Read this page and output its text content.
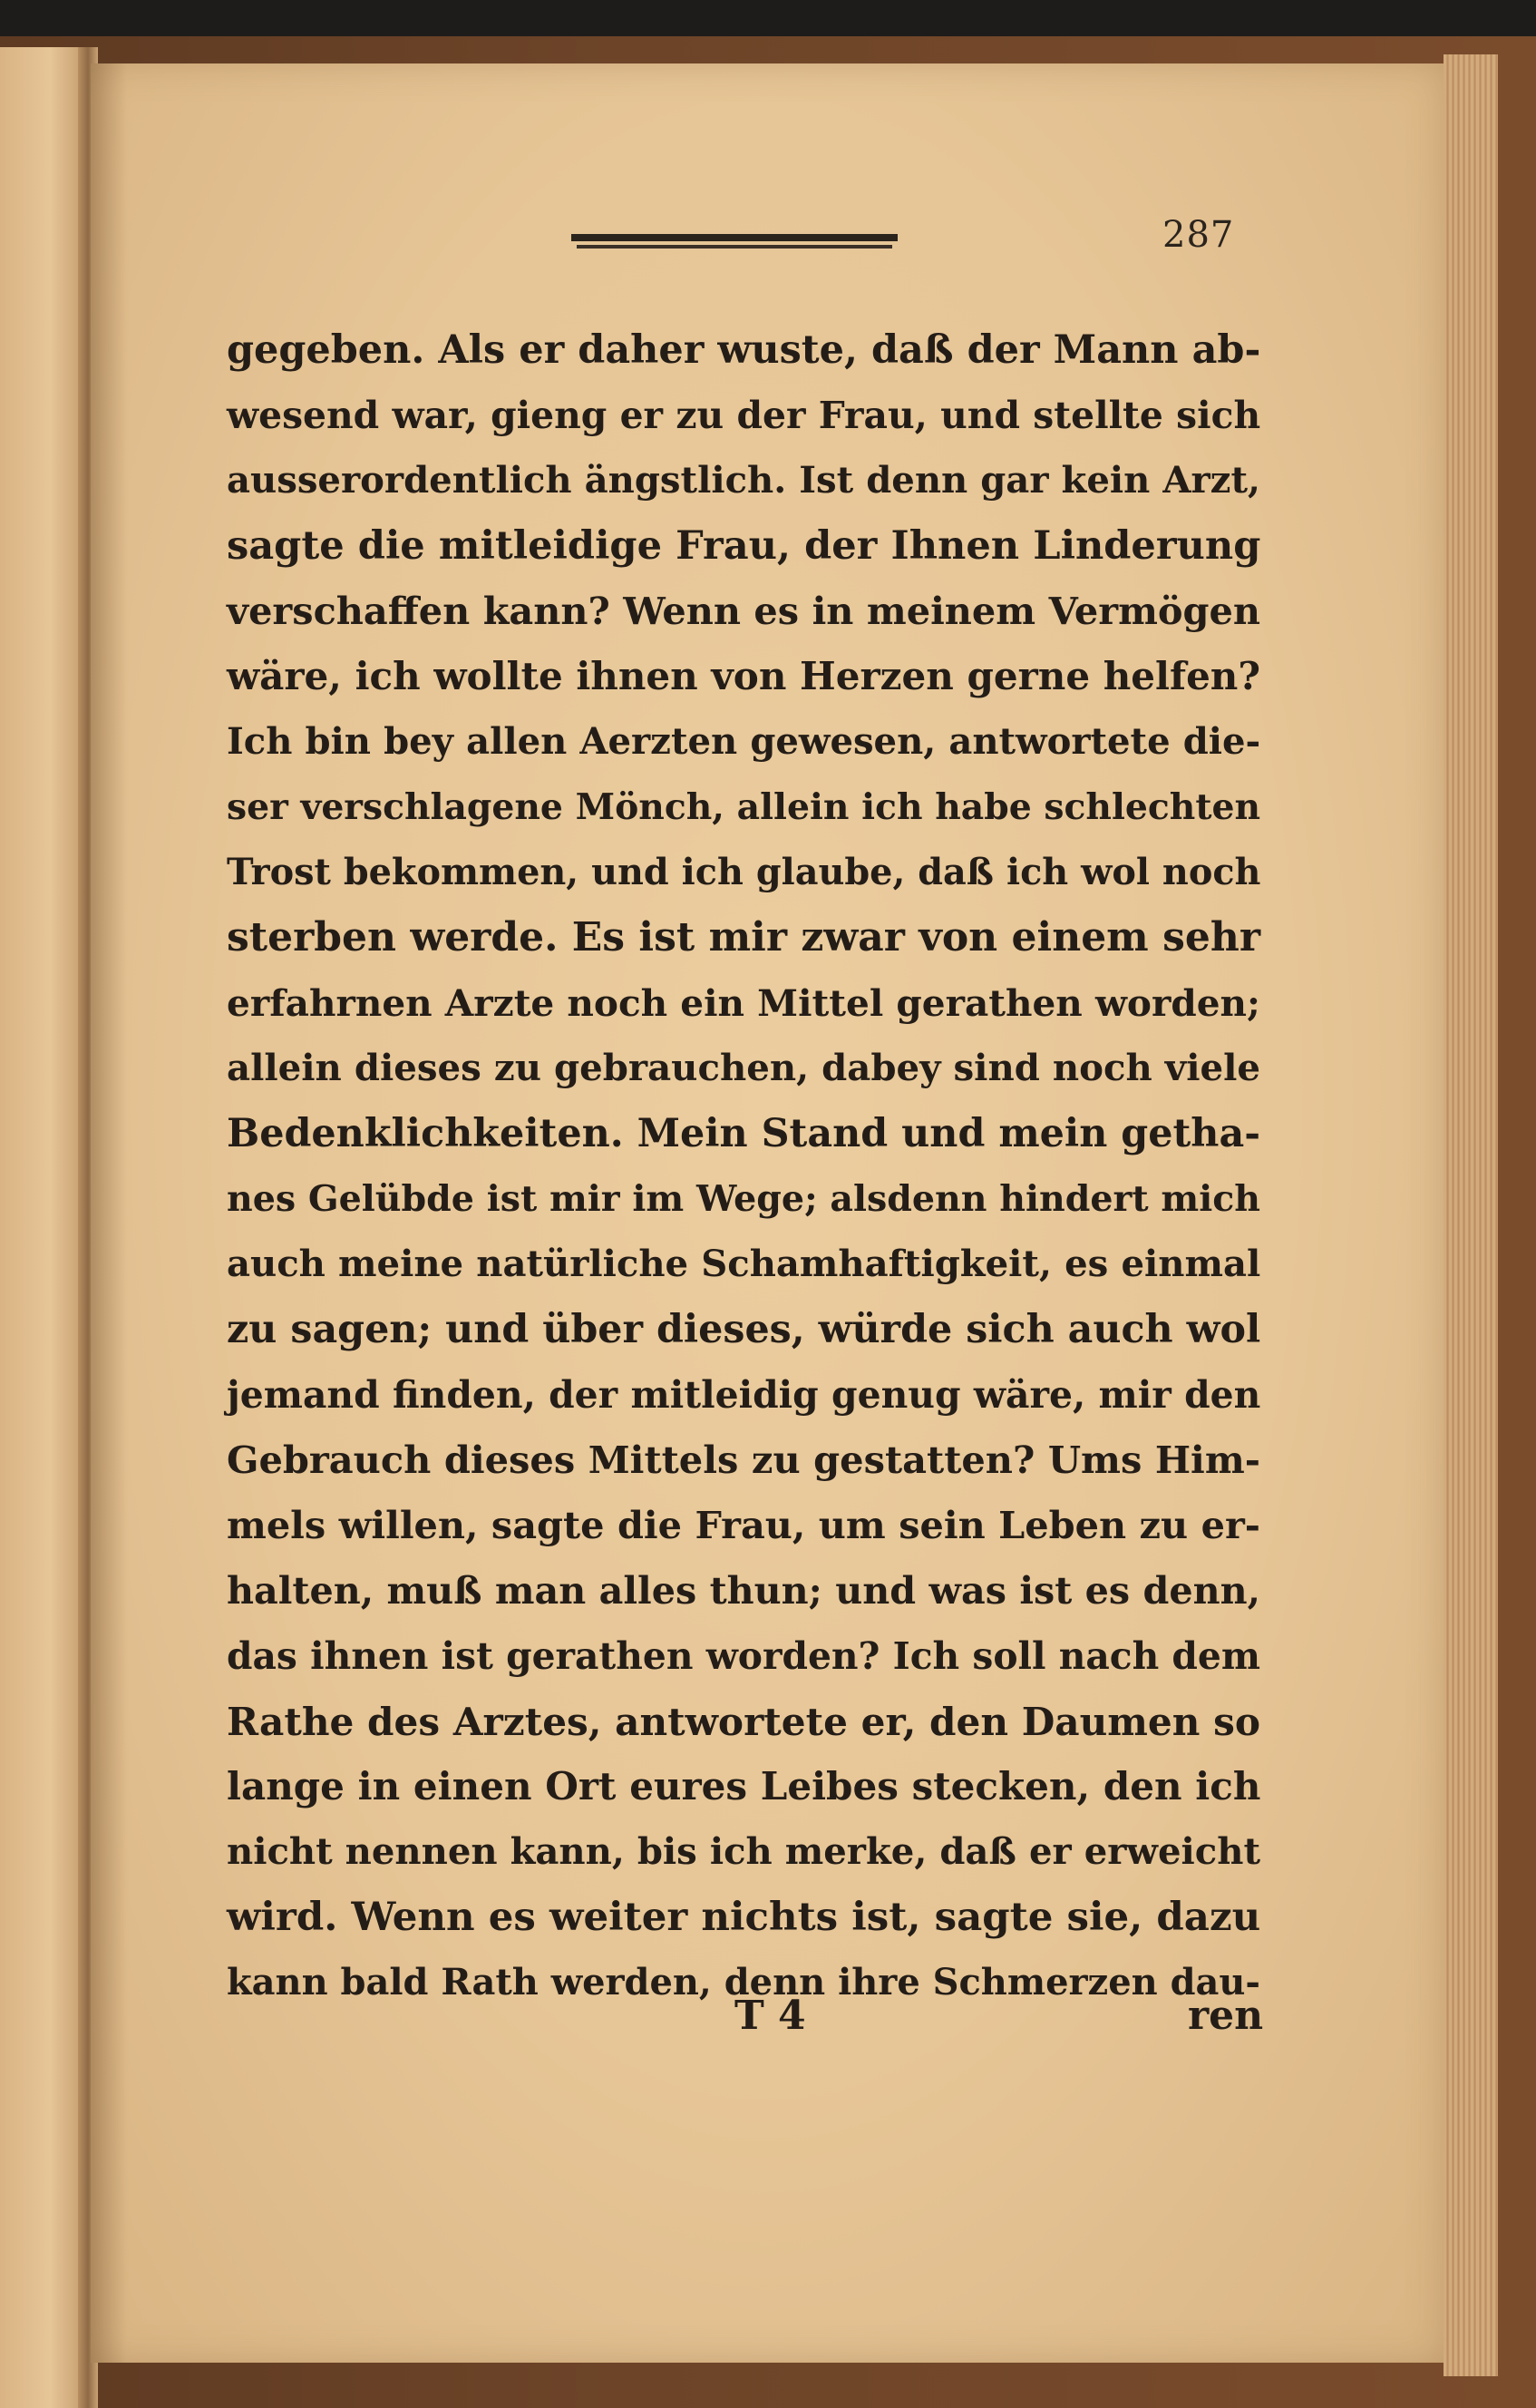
287
gegeben. Als er daher wuste, daß der Mann ab-
wesend war, gieng er zu der Frau, und stellte sich
ausserordentlich ängstlich. Ist denn gar kein Arzt,
sagte die mitleidige Frau, der Ihnen Linderung
verschaffen kann? Wenn es in meinem Vermögen
wäre, ich wollte ihnen von Herzen gerne helfen?
Ich bin bey allen Aerzten gewesen, antwortete die-
ser verschlagene Mönch, allein ich habe schlechten
Trost bekommen, und ich glaube, daß ich wol noch
sterben werde. Es ist mir zwar von einem sehr
erfahrnen Arzte noch ein Mittel gerathen worden;
allein dieses zu gebrauchen, dabey sind noch viele
Bedenklichkeiten. Mein Stand und mein getha-
nes Gelübde ist mir im Wege; alsdenn hindert mich
auch meine natürliche Schamhaftigkeit, es einmal
zu sagen; und über dieses, würde sich auch wol
jemand finden, der mitleidig genug wäre, mir den
Gebrauch dieses Mittels zu gestatten? Ums Him-
mels willen, sagte die Frau, um sein Leben zu er-
halten, muß man alles thun; und was ist es denn,
das ihnen ist gerathen worden? Ich soll nach dem
Rathe des Arztes, antwortete er, den Daumen so
lange in einen Ort eures Leibes stecken, den ich
nicht nennen kann, bis ich merke, daß er erweicht
wird. Wenn es weiter nichts ist, sagte sie, dazu
kann bald Rath werden, denn ihre Schmerzen dau-
T 4	ren
